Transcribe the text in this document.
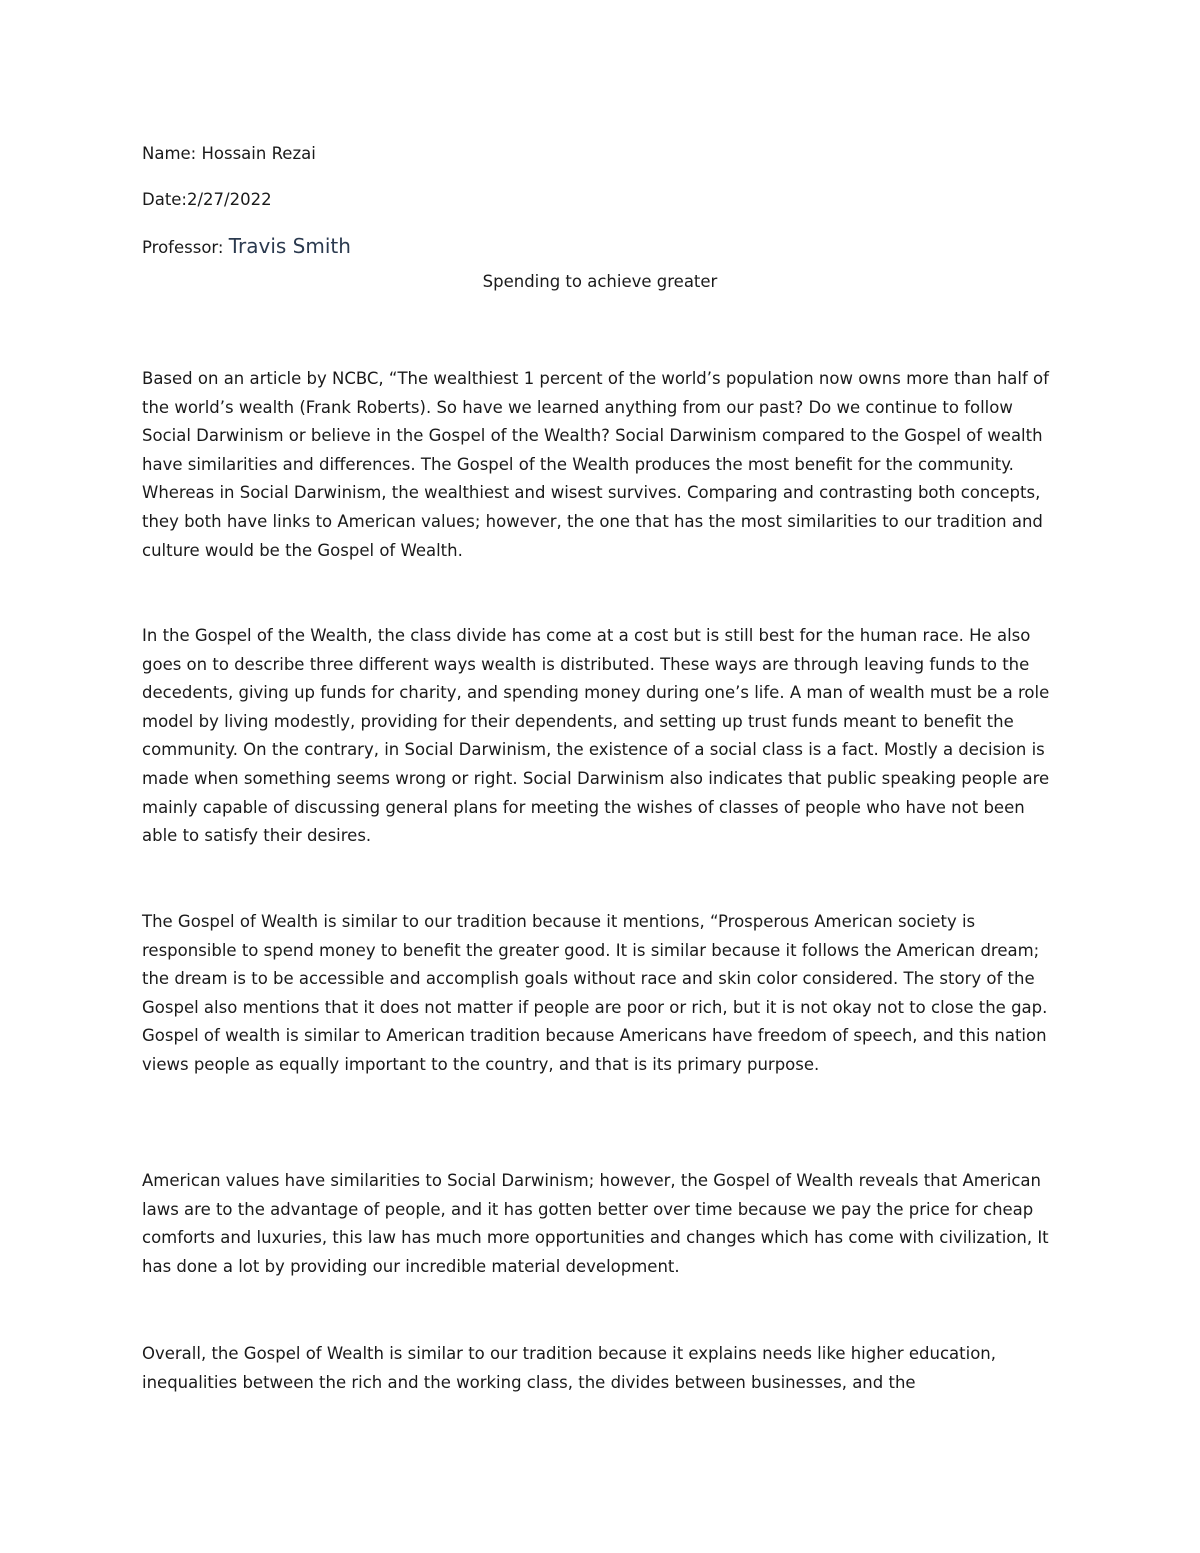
Name: Hossain Rezai

Date:2/27/2022

Professor: Travis Smith

Spending to achieve greater

Based on an article by NCBC, “The wealthiest 1 percent of the world’s population now owns more than half of the world’s wealth (Frank Roberts). So have we learned anything from our past? Do we continue to follow Social Darwinism or believe in the Gospel of the Wealth? Social Darwinism compared to the Gospel of wealth have similarities and differences. The Gospel of the Wealth produces the most benefit for the community. Whereas in Social Darwinism, the wealthiest and wisest survives. Comparing and contrasting both concepts, they both have links to American values; however, the one that has the most similarities to our tradition and culture would be the Gospel of Wealth.

In the Gospel of the Wealth, the class divide has come at a cost but is still best for the human race. He also goes on to describe three different ways wealth is distributed. These ways are through leaving funds to the decedents, giving up funds for charity, and spending money during one’s life. A man of wealth must be a role model by living modestly, providing for their dependents, and setting up trust funds meant to benefit the community. On the contrary, in Social Darwinism, the existence of a social class is a fact. Mostly a decision is made when something seems wrong or right. Social Darwinism also indicates that public speaking people are mainly capable of discussing general plans for meeting the wishes of classes of people who have not been able to satisfy their desires.

The Gospel of Wealth is similar to our tradition because it mentions, “Prosperous American society is responsible to spend money to benefit the greater good. It is similar because it follows the American dream; the dream is to be accessible and accomplish goals without race and skin color considered. The story of the Gospel also mentions that it does not matter if people are poor or rich, but it is not okay not to close the gap. Gospel of wealth is similar to American tradition because Americans have freedom of speech, and this nation views people as equally important to the country, and that is its primary purpose.

American values have similarities to Social Darwinism; however, the Gospel of Wealth reveals that American laws are to the advantage of people, and it has gotten better over time because we pay the price for cheap comforts and luxuries, this law has much more opportunities and changes which has come with civilization, It has done a lot by providing our incredible material development.

Overall, the Gospel of Wealth is similar to our tradition because it explains needs like higher education, inequalities between the rich and the working class, the divides between businesses, and the
